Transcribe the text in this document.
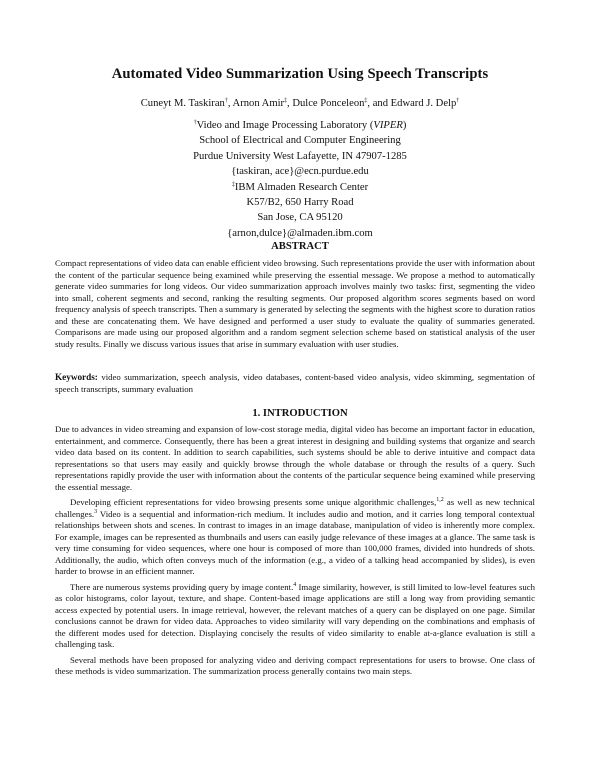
Automated Video Summarization Using Speech Transcripts
Cuneyt M. Taskiran†, Arnon Amir‡, Dulce Ponceleon‡, and Edward J. Delp†
†Video and Image Processing Laboratory (VIPER)
School of Electrical and Computer Engineering
Purdue University West Lafayette, IN 47907-1285
{taskiran, ace}@ecn.purdue.edu
‡IBM Almaden Research Center
K57/B2, 650 Harry Road
San Jose, CA 95120
{arnon,dulce}@almaden.ibm.com
ABSTRACT

Compact representations of video data can enable efficient video browsing. Such representations provide the user with information about the content of the particular sequence being examined while preserving the essential message. We propose a method to automatically generate video summaries for long videos. Our video summarization approach involves mainly two tasks: first, segmenting the video into small, coherent segments and second, ranking the resulting segments. Our proposed algorithm scores segments based on word frequency analysis of speech transcripts. Then a summary is generated by selecting the segments with the highest score to duration ratios and these are concatenating them. We have designed and performed a user study to evaluate the quality of summaries generated. Comparisons are made using our proposed algorithm and a random segment selection scheme based on statistical analysis of the user study results. Finally we discuss various issues that arise in summary evaluation with user studies.

Keywords: video summarization, speech analysis, video databases, content-based video analysis, video skimming, segmentation of speech transcripts, summary evaluation

1. INTRODUCTION

Due to advances in video streaming and expansion of low-cost storage media, digital video has become an important factor in education, entertainment, and commerce. Consequently, there has been a great interest in designing and building systems that organize and search video data based on its content. In addition to search capabilities, such systems should be able to derive intuitive and compact data representations so that users may easily and quickly browse through the whole database or through the results of a query. Such representations rapidly provide the user with information about the contents of the particular sequence being examined while preserving the essential message.

Developing efficient representations for video browsing presents some unique algorithmic challenges,$^{1,2}$ as well as new technical challenges.$^3$ Video is a sequential and information-rich medium. It includes audio and motion, and it carries long temporal contextual relationships between shots and scenes. In contrast to images in an image database, manipulation of video is inherently more complex. For example, images can be represented as thumbnails and users can easily judge relevance of these images at a glance. The same task is very time consuming for video sequences, where one hour is composed of more than 100,000 frames, divided into hundreds of shots. Additionally, the audio, which often conveys much of the information (e.g., a video of a talking head accompanied by slides), is even harder to browse in an efficient manner.

There are numerous systems providing query by image content.$^4$ Image similarity, however, is still limited to low-level features such as color histograms, color layout, texture, and shape. Content-based image applications are still a long way from providing semantic access expected by potential users. In image retrieval, however, the relevant matches of a query can be displayed on one page. Similar conclusions cannot be drawn for video data. Approaches to video similarity will vary depending on the combinations and emphasis of the different modes used for detection. Displaying concisely the results of video similarity to enable at-a-glance evaluation is still a challenging task.

Several methods have been proposed for analyzing video and deriving compact representations for users to browse. One class of these methods is video summarization. The summarization process generally contains two main steps.
